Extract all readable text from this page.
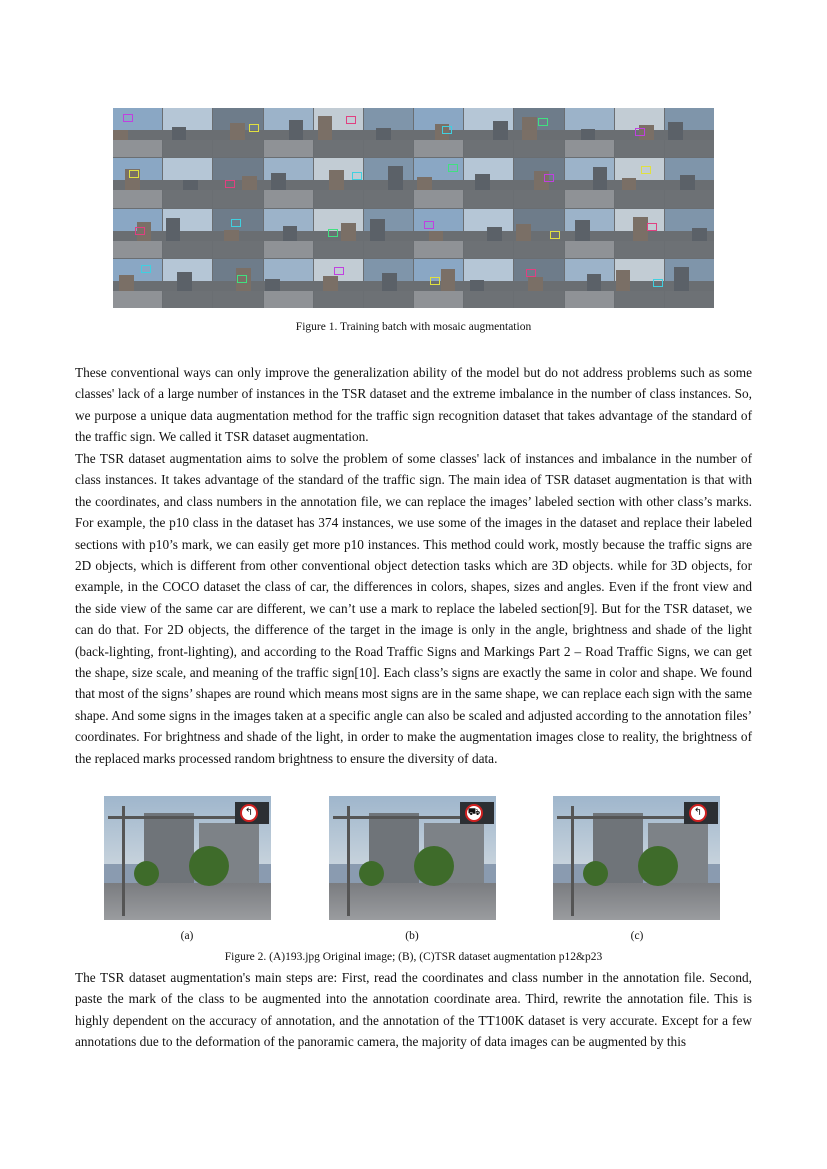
Figure 1. Training batch with mosaic augmentation

These conventional ways can only improve the generalization ability of the model but do not address problems such as some classes' lack of a large number of instances in the TSR dataset and the extreme imbalance in the number of class instances. So, we purpose a unique data augmentation method for the traffic sign recognition dataset that takes advantage of the standard of the traffic sign. We called it TSR dataset augmentation.

The TSR dataset augmentation aims to solve the problem of some classes' lack of instances and imbalance in the number of class instances. It takes advantage of the standard of the traffic sign. The main idea of TSR dataset augmentation is that with the coordinates, and class numbers in the annotation file, we can replace the images’ labeled section with other class’s marks. For example, the p10 class in the dataset has 374 instances, we use some of the images in the dataset and replace their labeled sections with p10’s mark, we can easily get more p10 instances. This method could work, mostly because the traffic signs are 2D objects, which is different from other conventional object detection tasks which are 3D objects. while for 3D objects, for example, in the COCO dataset the class of car, the differences in colors, shapes, sizes and angles. Even if the front view and the side view of the same car are different, we can’t use a mark to replace the labeled section[9]. But for the TSR dataset, we can do that. For 2D objects, the difference of the target in the image is only in the angle, brightness and shade of the light (back-lighting, front-lighting), and according to the Road Traffic Signs and Markings Part 2 – Road Traffic Signs, we can get the shape, size scale, and meaning of the traffic sign[10]. Each class’s signs are exactly the same in color and shape. We found that most of the signs’ shapes are round which means most signs are in the same shape, we can replace each sign with the same shape. And some signs in the images taken at a specific angle can also be scaled and adjusted according to the annotation files’ coordinates. For brightness and shade of the light, in order to make the augmentation images close to reality, the brightness of the replaced marks processed random brightness to ensure the diversity of data.

↰	⛟	↰
(a)	(b)	(c)
Figure 2. (A)193.jpg Original image; (B), (C)TSR dataset augmentation p12&p23

The TSR dataset augmentation's main steps are: First, read the coordinates and class number in the annotation file. Second, paste the mark of the class to be augmented into the annotation coordinate area. Third, rewrite the annotation file. This is highly dependent on the accuracy of annotation, and the annotation of the TT100K dataset is very accurate. Except for a few annotations due to the deformation of the panoramic camera, the majority of data images can be augmented by this
